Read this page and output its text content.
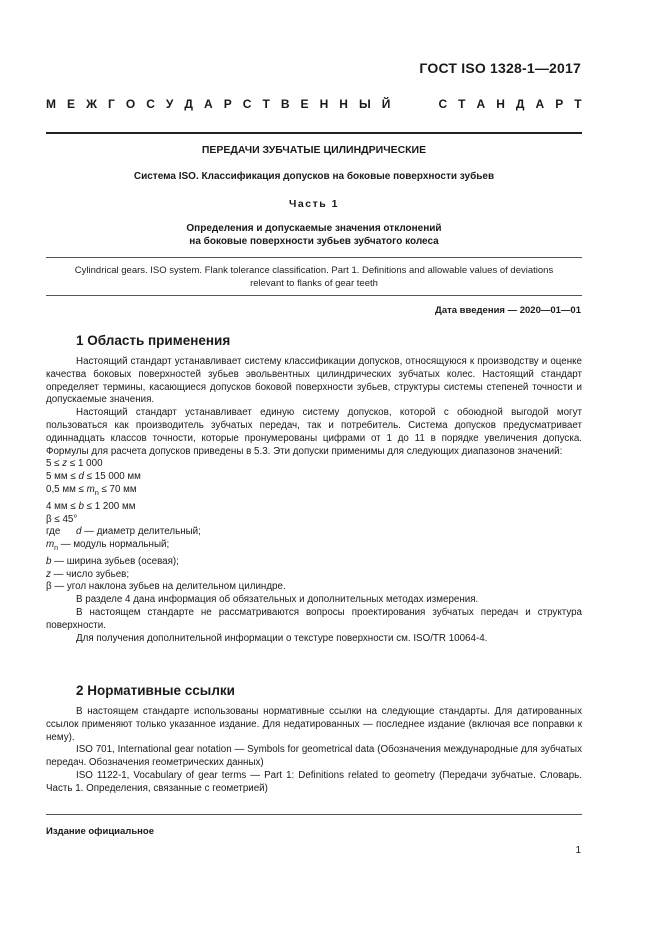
ГОСТ ISO 1328-1—2017
М Е Ж Г О С У Д А Р С Т В Е Н Н Ы Й	С Т А Н Д А Р Т
ПЕРЕДАЧИ ЗУБЧАТЫЕ ЦИЛИНДРИЧЕСКИЕ
Система ISO. Классификация допусков на боковые поверхности зубьев
Часть 1
Определения и допускаемые значения отклонений
на боковые поверхности зубьев зубчатого колеса
Cylindrical gears. ISO system. Flank tolerance classification. Part 1. Definitions and allowable values of deviations
relevant to flanks of gear teeth
Дата введения — 2020—01—01
1 Область применения

Настоящий стандарт устанавливает систему классификации допусков, относящуюся к производству и оценке качества боковых поверхностей зубьев эвольвентных цилиндрических зубчатых колес. Настоящий стандарт определяет термины, касающиеся допусков боковой поверхности зубьев, структуры системы степеней точности и допускаемые значения.

Настоящий стандарт устанавливает единую систему допусков, которой с обоюдной выгодой могут пользоваться как производитель зубчатых передач, так и потребитель. Система допусков предусматривает одиннадцать классов точности, которые пронумерованы цифрами от 1 до 11 в порядке увеличения допуска. Формулы для расчета допусков приведены в 5.3. Эти допуски применимы для следующих диапазонов значений:

5 ≤ z ≤ 1 000

5 мм ≤ d ≤ 15 000 мм

0,5 мм ≤ $m_n \le 70$ мм

4 мм ≤ b ≤ 1 200 мм

β ≤ 45°

где d — диаметр делительный;

$m_n$ — модуль нормальный;

b — ширина зубьев (осевая);

z — число зубьев;

β — угол наклона зубьев на делительном цилиндре.

В разделе 4 дана информация об обязательных и дополнительных методах измерения.

В настоящем стандарте не рассматриваются вопросы проектирования зубчатых передач и структура поверхности.

Для получения дополнительной информации о текстуре поверхности см. ISO/TR 10064-4.

2 Нормативные ссылки

В настоящем стандарте использованы нормативные ссылки на следующие стандарты. Для датированных ссылок применяют только указанное издание. Для недатированных — последнее издание (включая все поправки к нему).

ISO 701, International gear notation — Symbols for geometrical data (Обозначения международные для зубчатых передач. Обозначения геометрических данных)

ISO 1122-1, Vocabulary of gear terms — Part 1: Definitions related to geometry (Передачи зубчатые. Словарь. Часть 1. Определения, связанные с геометрией)

Издание официальное
1
